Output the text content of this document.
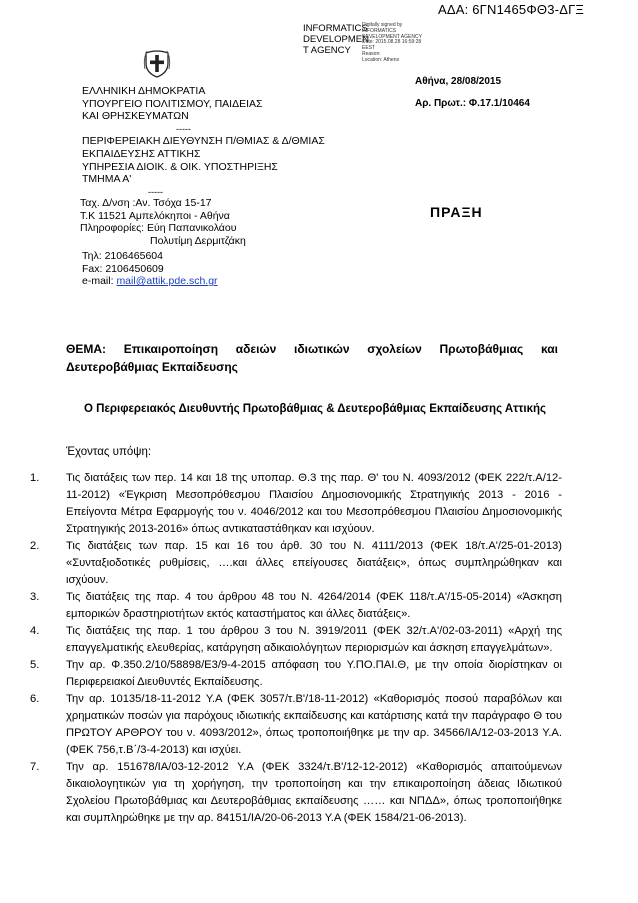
ΑΔΑ: 6ΓΝ1465ΦΘ3-ΔΓΞ
INFORMATICS
DEVELOPMEN
T AGENCY
Digitally signed by
INFORMATICS
DEVELOPMENT AGENCY
Date: 2015.08.28 16:59:28
EEST
Reason:
Location: Athens
ΕΛΛΗΝΙΚΗ ΔΗΜΟΚΡΑΤΙΑ
ΥΠΟΥΡΓΕΙΟ ΠΟΛΙΤΙΣΜΟΥ, ΠΑΙΔΕΙΑΣ
ΚΑΙ ΘΡΗΣΚΕΥΜΑΤΩΝ
-----
ΠΕΡΙΦΕΡΕΙΑΚΗ ΔΙΕΥΘΥΝΣΗ Π/ΘΜΙΑΣ & Δ/ΘΜΙΑΣ
ΕΚΠΑΙΔΕΥΣΗΣ ΑΤΤΙΚΗΣ
ΥΠΗΡΕΣΙΑ ΔΙΟΙΚ. & ΟΙΚ. ΥΠΟΣΤΗΡΙΞΗΣ
ΤΜΗΜΑ Α'
-----
Αθήνα, 28/08/2015
Αρ. Πρωτ.: Φ.17.1/10464
ΠΡΑΞΗ
Ταχ. Δ/νση :Αν. Τσόχα 15-17
Τ.Κ 11521 Αμπελόκηποι - Αθήνα
Πληροφορίες: Εύη Παπανικολάου
Πολυτίμη Δερμιτζάκη
Τηλ: 2106465604
Fax: 2106450609
e-mail: mail@attik.pde.sch.gr
ΘΕΜΑ: Επικαιροποίηση αδειών ιδιωτικών σχολείων Πρωτοβάθμιας και
Δευτεροβάθμιας Εκπαίδευσης
Ο Περιφερειακός Διευθυντής Πρωτοβάθμιας & Δευτεροβάθμιας Εκπαίδευσης Αττικής
Έχοντας υπόψη:
1.	Τις διατάξεις των περ. 14 και 18 της υποπαρ. Θ.3 της παρ. Θ' του Ν. 4093/2012 (ΦΕΚ 222/τ.Α/12-11-2012) «Έγκριση Μεσοπρόθεσμου Πλαισίου Δημοσιονομικής Στρατηγικής 2013 - 2016 - Επείγοντα Μέτρα Εφαρμογής του ν. 4046/2012 και του Μεσοπρόθεσμου Πλαισίου Δημοσιονομικής Στρατηγικής 2013-2016» όπως αντικαταστάθηκαν και ισχύουν.
2.	Τις διατάξεις των παρ. 15 και 16 του άρθ. 30 του Ν. 4111/2013 (ΦΕΚ 18/τ.Α'/25-01-2013) «Συνταξιοδοτικές ρυθμίσεις, ….και άλλες επείγουσες διατάξεις», όπως συμπληρώθηκαν και ισχύουν.
3.	Τις διατάξεις της παρ. 4 του άρθρου 48 του Ν. 4264/2014 (ΦΕΚ 118/τ.Α'/15-05-2014) «Άσκηση εμπορικών δραστηριοτήτων εκτός καταστήματος και άλλες διατάξεις».
4.	Τις διατάξεις της παρ. 1 του άρθρου 3 του Ν. 3919/2011 (ΦΕΚ 32/τ.Α'/02-03-2011) «Αρχή της επαγγελματικής ελευθερίας, κατάργηση αδικαιολόγητων περιορισμών και άσκηση επαγγελμάτων».
5.	Την αρ. Φ.350.2/10/58898/Ε3/9-4-2015 απόφαση του Υ.ΠΟ.ΠΑΙ.Θ, με την οποία διορίστηκαν οι Περιφερειακοί Διευθυντές Εκπαίδευσης.
6.	Την αρ. 10135/18-11-2012 Υ.Α (ΦΕΚ 3057/τ.Β'/18-11-2012) «Καθορισμός ποσού παραβόλων και χρηματικών ποσών για παρόχους ιδιωτικής εκπαίδευσης και κατάρτισης κατά την παράγραφο Θ του ΠΡΩΤΟΥ ΑΡΘΡΟΥ του ν. 4093/2012», όπως τροποποιήθηκε με την αρ. 34566/ΙΑ/12-03-2013 Υ.Α. (ΦΕΚ 756,τ.Β΄/3-4-2013) και ισχύει.
7.	Την αρ. 151678/ΙΑ/03-12-2012 Υ.Α (ΦΕΚ 3324/τ.Β'/12-12-2012) «Καθορισμός απαιτούμενων δικαιολογητικών για τη χορήγηση, την τροποποίηση και την επικαιροποίηση άδειας Ιδιωτικού Σχολείου Πρωτοβάθμιας και Δευτεροβάθμιας εκπαίδευσης …… και ΝΠΔΔ», όπως τροποποιήθηκε και συμπληρώθηκε με την αρ. 84151/ΙΑ/20-06-2013 Υ.Α (ΦΕΚ 1584/21-06-2013).
